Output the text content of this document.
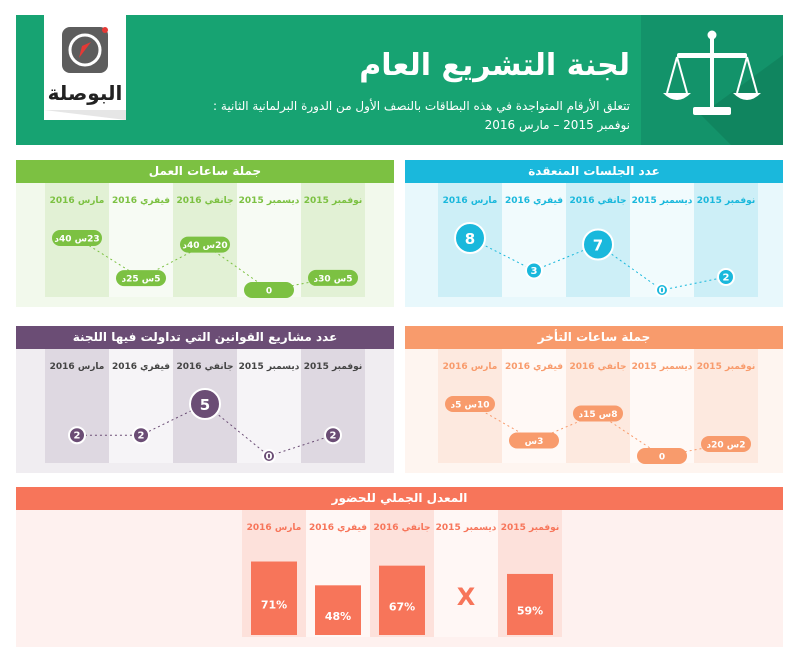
البوصلة
لجنة التشريع العام
تتعلق الأرقام المتواجدة في هذه البطاقات بالنصف الأول من الدورة البرلمانية الثانية :
نوفمبر 2015 – مارس 2016
عدد الجلسات المنعقدة
نوفمبر 2015
ديسمبر 2015
جانفي 2016
فيفري 2016
مارس 2016
2
0
7
3
8
جملة ساعات العمل
نوفمبر 2015
ديسمبر 2015
جانفي 2016
فيفري 2016
مارس 2016
5س 30د
0
20س 40د
5س 25د
23س 40د
جملة ساعات التأخر
نوفمبر 2015
ديسمبر 2015
جانفي 2016
فيفري 2016
مارس 2016
2س 20د
0
8س 15د
3س
10س 5د
عدد مشاريع القوانين التي تداولت فيها اللجنة
نوفمبر 2015
ديسمبر 2015
جانفي 2016
فيفري 2016
مارس 2016
2
0
5
2
2
المعدل الجملي للحضور
نوفمبر 2015
ديسمبر 2015
جانفي 2016
فيفري 2016
مارس 2016
59%
X
67%
48%
71%
